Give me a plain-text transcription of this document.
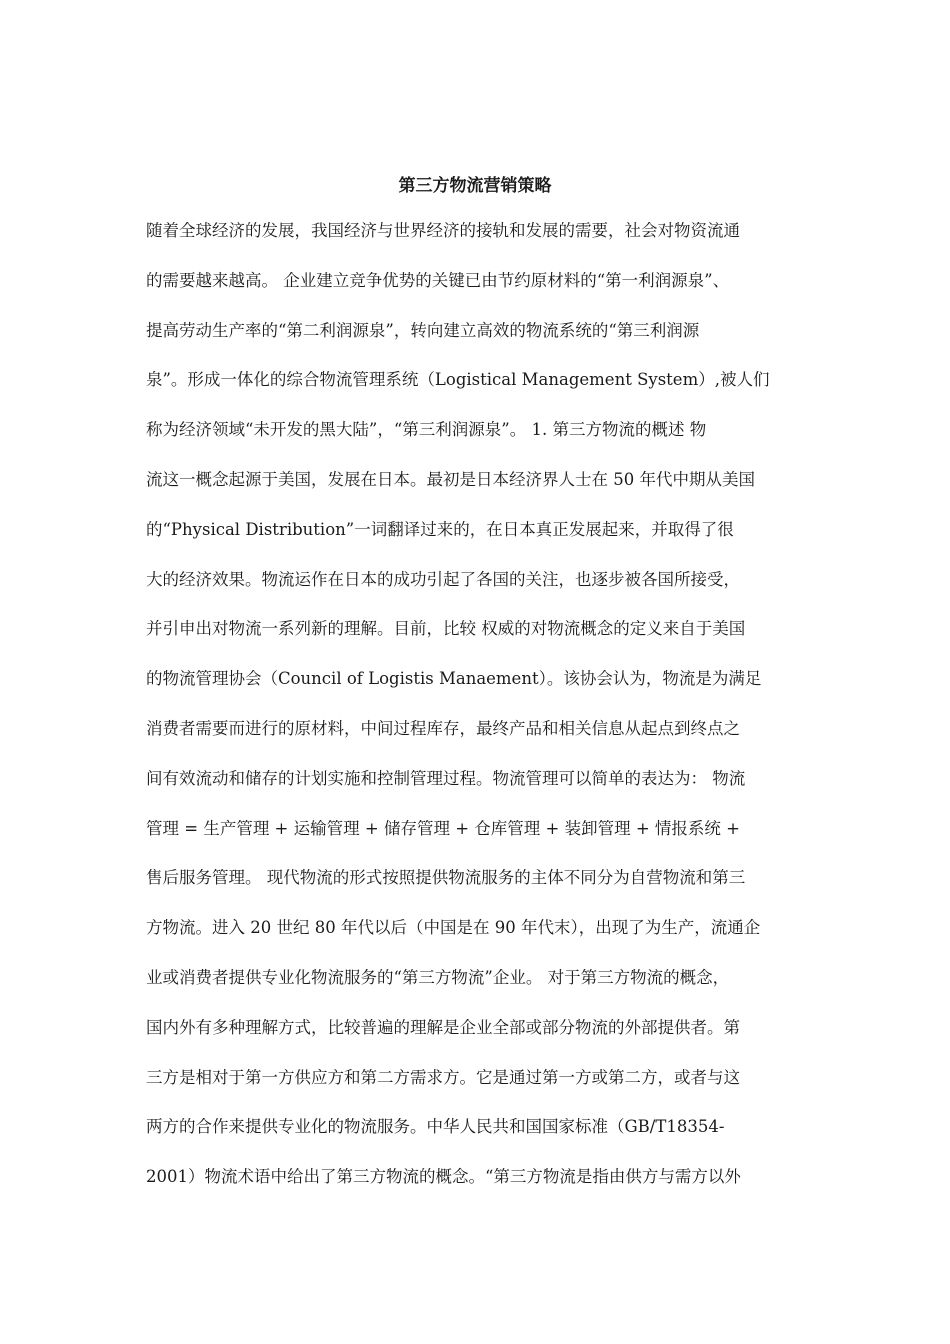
第三方物流营销策略
随着全球经济的发展，我国经济与世界经济的接轨和发展的需要，社会对物资流通
的需要越来越高。 企业建立竞争优势的关键已由节约原材料的“第一利润源泉”、
提高劳动生产率的“第二利润源泉”，转向建立高效的物流系统的“第三利润源
泉”。形成一体化的综合物流管理系统（Logistical Management System）,被人们
称为经济领域“未开发的黑大陆”，“第三利润源泉”。 1. 第三方物流的概述 物
流这一概念起源于美国，发展在日本。最初是日本经济界人士在 50 年代中期从美国
的“Physical Distribution”一词翻译过来的，在日本真正发展起来，并取得了很
大的经济效果。物流运作在日本的成功引起了各国的关注，也逐步被各国所接受，
并引申出对物流一系列新的理解。目前，比较 权威的对物流概念的定义来自于美国
的物流管理协会（Council of Logistis Manaement）。该协会认为，物流是为满足
消费者需要而进行的原材料，中间过程库存，最终产品和相关信息从起点到终点之
间有效流动和储存的计划实施和控制管理过程。物流管理可以简单的表达为： 物流
管理 = 生产管理 + 运输管理 + 储存管理 + 仓库管理 + 装卸管理 + 情报系统 +
售后服务管理。 现代物流的形式按照提供物流服务的主体不同分为自营物流和第三
方物流。进入 20 世纪 80 年代以后（中国是在 90 年代末），出现了为生产，流通企
业或消费者提供专业化物流服务的“第三方物流”企业。 对于第三方物流的概念，
国内外有多种理解方式，比较普遍的理解是企业全部或部分物流的外部提供者。第
三方是相对于第一方供应方和第二方需求方。它是通过第一方或第二方，或者与这
两方的合作来提供专业化的物流服务。中华人民共和国国家标准（GB/T18354-
2001）物流术语中给出了第三方物流的概念。“第三方物流是指由供方与需方以外
